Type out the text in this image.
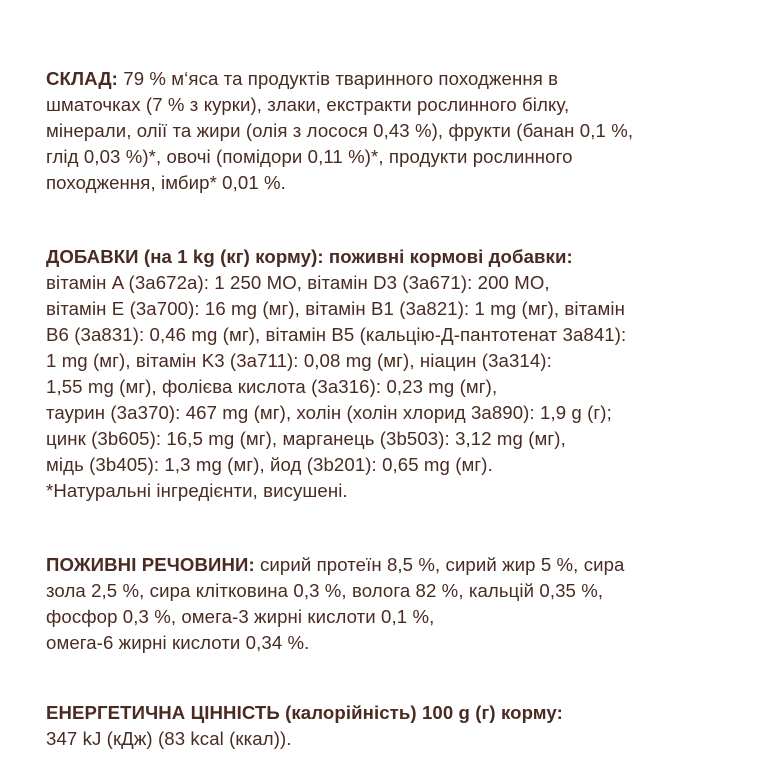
СКЛАД: 79 % м‘яса та продуктів тваринного походження в
шматочках (7 % з курки), злаки, екстракти рослинного білку,
мінерали, олії та жири (олія з лосося 0,43 %), фрукти (банан 0,1 %,
глід 0,03 %)*, овочі (помідори 0,11 %)*, продукти рослинного
походження, імбир* 0,01 %.
ДОБАВКИ (на 1 kg (кг) корму): поживні кормові добавки:
вітамін A (3a672a): 1 250 MO, вітамін D3 (3a671): 200 MO,
вітамін E (3a700): 16 mg (мг), вітамін B1 (3a821): 1 mg (мг), вітамін
B6 (3a831): 0,46 mg (мг), вітамін B5 (кальцію-Д-пантотенат 3a841):
1 mg (мг), вітамін K3 (3a711): 0,08 mg (мг), ніацин (3a314):
1,55 mg (мг), фолієва кислота (3a316): 0,23 mg (мг),
таурин (3a370): 467 mg (мг), холін (холін хлорид 3a890): 1,9 g (г);
цинк (3b605): 16,5 mg (мг), марганець (3b503): 3,12 mg (мг),
мідь (3b405): 1,3 mg (мг), йод (3b201): 0,65 mg (мг).
*Натуральні інгредієнти, висушені.
ПОЖИВНІ РЕЧОВИНИ: сирий протеїн 8,5 %, сирий жир 5 %, сира
зола 2,5 %, сира клітковина 0,3 %, волога 82 %, кальцій 0,35 %,
фосфор 0,3 %, омега-3 жирні кислоти 0,1 %,
омега-6 жирні кислоти 0,34 %.
ЕНЕРГЕТИЧНА ЦІННІСТЬ (калорійність) 100 g (г) корму:
347 kJ (кДж) (83 kcal (ккал)).
